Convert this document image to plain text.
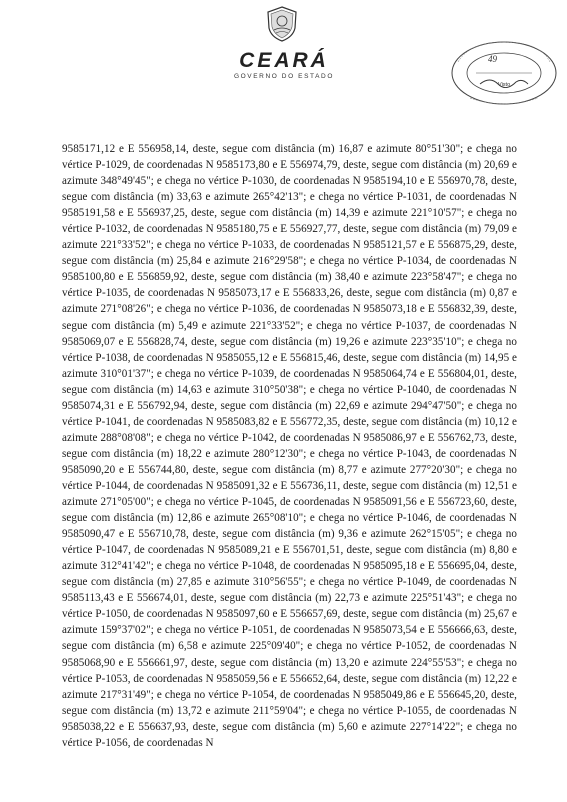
CEARÁ
GOVERNO DO ESTADO
49
Visto

9585171,12 e E 556958,14, deste, segue com distância (m) 16,87 e azimute 80°51'30"; e chega no vértice P-1029, de coordenadas N 9585173,80 e E 556974,79, deste, segue com distância (m) 20,69 e azimute 348°49'45"; e chega no vértice P-1030, de coordenadas N 9585194,10 e E 556970,78, deste, segue com distância (m) 33,63 e azimute 265°42'13"; e chega no vértice P-1031, de coordenadas N 9585191,58 e E 556937,25, deste, segue com distância (m) 14,39 e azimute 221°10'57"; e chega no vértice P-1032, de coordenadas N 9585180,75 e E 556927,77, deste, segue com distância (m) 79,09 e azimute 221°33'52"; e chega no vértice P-1033, de coordenadas N 9585121,57 e E 556875,29, deste, segue com distância (m) 25,84 e azimute 216°29'58"; e chega no vértice P-1034, de coordenadas N 9585100,80 e E 556859,92, deste, segue com distância (m) 38,40 e azimute 223°58'47"; e chega no vértice P-1035, de coordenadas N 9585073,17 e E 556833,26, deste, segue com distância (m) 0,87 e azimute 271°08'26"; e chega no vértice P-1036, de coordenadas N 9585073,18 e E 556832,39, deste, segue com distância (m) 5,49 e azimute 221°33'52"; e chega no vértice P-1037, de coordenadas N 9585069,07 e E 556828,74, deste, segue com distância (m) 19,26 e azimute 223°35'10"; e chega no vértice P-1038, de coordenadas N 9585055,12 e E 556815,46, deste, segue com distância (m) 14,95 e azimute 310°01'37"; e chega no vértice P-1039, de coordenadas N 9585064,74 e E 556804,01, deste, segue com distância (m) 14,63 e azimute 310°50'38"; e chega no vértice P-1040, de coordenadas N 9585074,31 e E 556792,94, deste, segue com distância (m) 22,69 e azimute 294°47'50"; e chega no vértice P-1041, de coordenadas N 9585083,82 e E 556772,35, deste, segue com distância (m) 10,12 e azimute 288°08'08"; e chega no vértice P-1042, de coordenadas N 9585086,97 e E 556762,73, deste, segue com distância (m) 18,22 e azimute 280°12'30"; e chega no vértice P-1043, de coordenadas N 9585090,20 e E 556744,80, deste, segue com distância (m) 8,77 e azimute 277°20'30"; e chega no vértice P-1044, de coordenadas N 9585091,32 e E 556736,11, deste, segue com distância (m) 12,51 e azimute 271°05'00"; e chega no vértice P-1045, de coordenadas N 9585091,56 e E 556723,60, deste, segue com distância (m) 12,86 e azimute 265°08'10"; e chega no vértice P-1046, de coordenadas N 9585090,47 e E 556710,78, deste, segue com distância (m) 9,36 e azimute 262°15'05"; e chega no vértice P-1047, de coordenadas N 9585089,21 e E 556701,51, deste, segue com distância (m) 8,80 e azimute 312°41'42"; e chega no vértice P-1048, de coordenadas N 9585095,18 e E 556695,04, deste, segue com distância (m) 27,85 e azimute 310°56'55"; e chega no vértice P-1049, de coordenadas N 9585113,43 e E 556674,01, deste, segue com distância (m) 22,73 e azimute 225°51'43"; e chega no vértice P-1050, de coordenadas N 9585097,60 e E 556657,69, deste, segue com distância (m) 25,67 e azimute 159°37'02"; e chega no vértice P-1051, de coordenadas N 9585073,54 e E 556666,63, deste, segue com distância (m) 6,58 e azimute 225°09'40"; e chega no vértice P-1052, de coordenadas N 9585068,90 e E 556661,97, deste, segue com distância (m) 13,20 e azimute 224°55'53"; e chega no vértice P-1053, de coordenadas N 9585059,56 e E 556652,64, deste, segue com distância (m) 12,22 e azimute 217°31'49"; e chega no vértice P-1054, de coordenadas N 9585049,86 e E 556645,20, deste, segue com distância (m) 13,72 e azimute 211°59'04"; e chega no vértice P-1055, de coordenadas N 9585038,22 e E 556637,93, deste, segue com distância (m) 5,60 e azimute 227°14'22"; e chega no vértice P-1056, de coordenadas N
